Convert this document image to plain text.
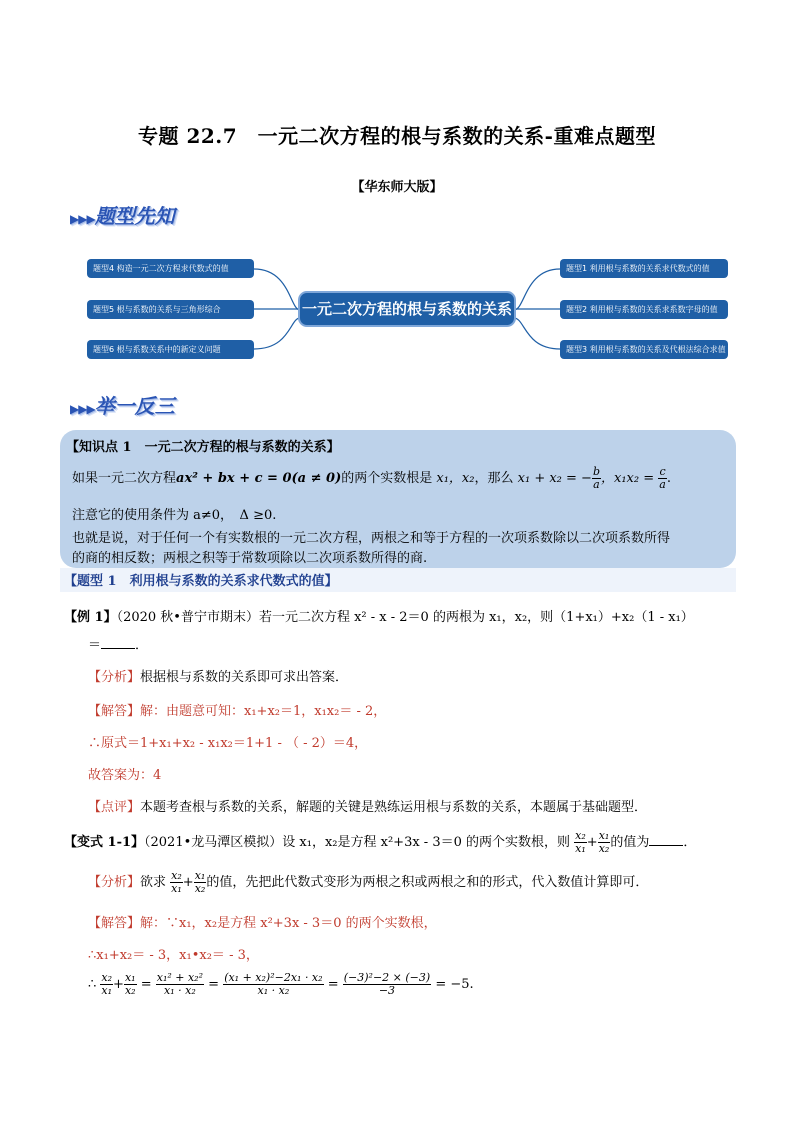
专题 22.7　一元二次方程的根与系数的关系-重难点题型
【华东师大版】
▶▶▶题型先知
题型4 构造一元二次方程求代数式的值
题型5 根与系数的关系与三角形综合
题型6 根与系数关系中的新定义问题
一元二次方程的根与系数的关系
题型1 利用根与系数的关系求代数式的值
题型2 利用根与系数的关系求系数字母的值
题型3 利用根与系数的关系及代根法综合求值
▶▶▶举一反三
【知识点 1　一元二次方程的根与系数的关系】
如果一元二次方程ax² + bx + c = 0(a ≠ 0)的两个实数根是 x₁，x₂，那么 x₁ + x₂ = − $\frac{b}{a}$ ，$x_1x_2 = \frac{c}{a}$ .
注意它的使用条件为 a≠0，　Δ ≥0.
也就是说，对于任何一个有实数根的一元二次方程，两根之和等于方程的一次项系数除以二次项系数所得
的商的相反数；两根之积等于常数项除以二次项系数所得的商.
【题型 1　利用根与系数的关系求代数式的值】
【例 1】（2020 秋•普宁市期末）若一元二次方程 x² - x - 2＝0 的两根为 x₁，x₂，则（1+x₁）+x₂（1 - x₁）
＝	．
【分析】根据根与系数的关系即可求出答案．
【解答】解：由题意可知：x₁+x₂＝1，x₁x₂＝ - 2，
∴原式＝1+x₁+x₂ - x₁x₂＝1+1 - （ - 2）＝4，
故答案为：4
【点评】本题考查根与系数的关系，解题的关键是熟练运用根与系数的关系，本题属于基础题型．
【变式 1-1】（2021•龙马潭区模拟）设 x₁，x₂是方程 x²+3x - 3＝0 的两个实数根，则 $\frac{\text{x₂}}{\text{x₁}} + \frac{\text{x₁}}{\text{x₂}}$ 的值为	．
【分析】欲求 $\frac{\text{x₂}}{\text{x₁}} + \frac{\text{x₁}}{\text{x₂}}$ 的值，先把此代数式变形为两根之积或两根之和的形式，代入数值计算即可．
【解答】解：∵x₁，x₂是方程 x²+3x - 3＝0 的两个实数根，
∴x₁+x₂＝ - 3，x₁•x₂＝ - 3，
∴ $\frac{\text{x₂}}{\text{x₁}} + \frac{\text{x₁}}{\text{x₂}} = \frac{\text{x₁² + x₂²}}{\text{x₁ · x₂}} = \frac{\text{(x₁ + x₂)²−2x₁ · x₂}}{\text{x₁ · x₂}} = \frac{\text{(−3)²−2 × (−3)}}{-3} = -5$.
